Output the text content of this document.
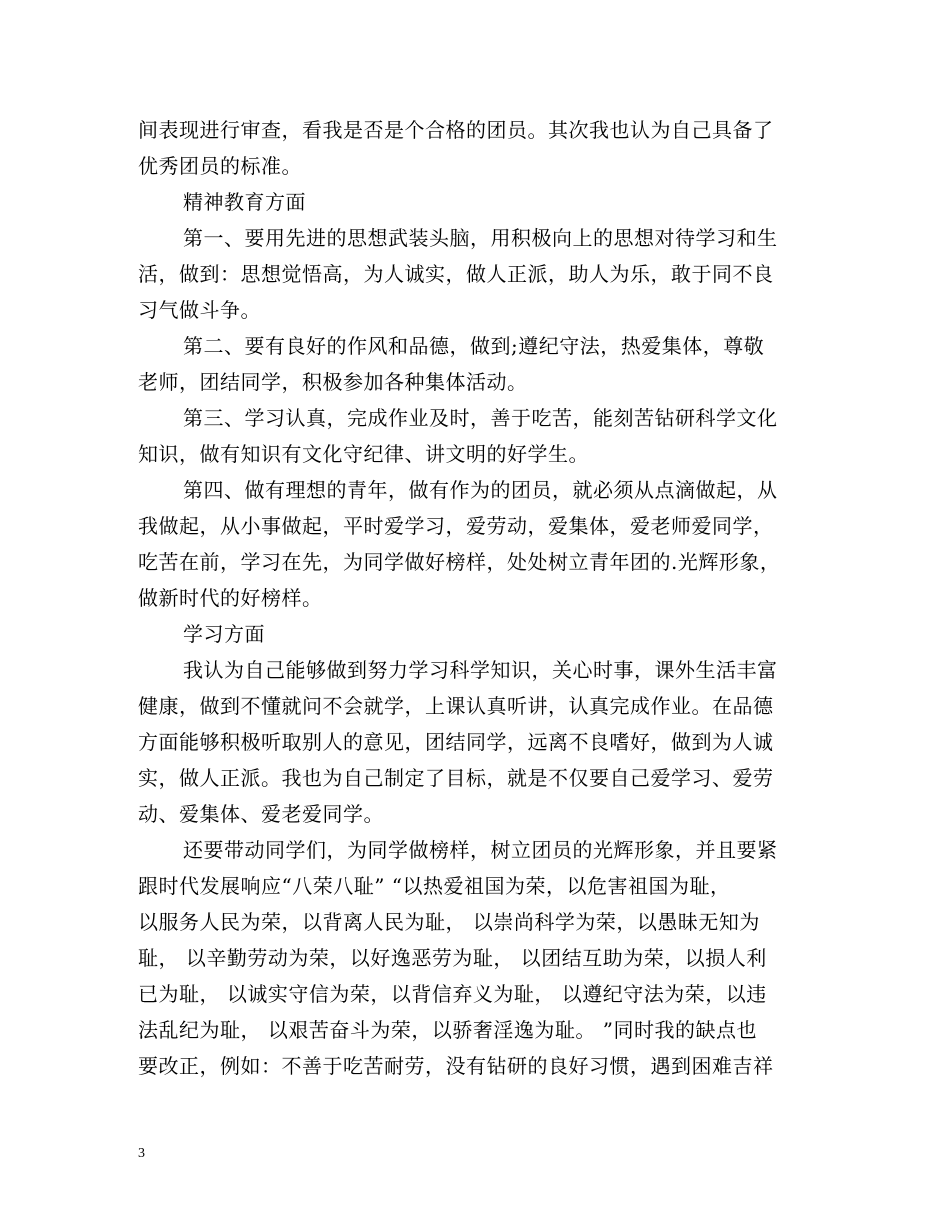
间表现进行审查，看我是否是个合格的团员。其次我也认为自己具备了
优秀团员的标准。
精神教育方面
第一、要用先进的思想武装头脑，用积极向上的思想对待学习和生
活，做到：思想觉悟高，为人诚实，做人正派，助人为乐，敢于同不良
习气做斗争。
第二、要有良好的作风和品德，做到;遵纪守法，热爱集体，尊敬
老师，团结同学，积极参加各种集体活动。
第三、学习认真，完成作业及时，善于吃苦，能刻苦钻研科学文化
知识，做有知识有文化守纪律、讲文明的好学生。
第四、做有理想的青年，做有作为的团员，就必须从点滴做起，从
我做起，从小事做起，平时爱学习，爱劳动，爱集体，爱老师爱同学，
吃苦在前，学习在先，为同学做好榜样，处处树立青年团的.光辉形象，
做新时代的好榜样。
学习方面
我认为自己能够做到努力学习科学知识，关心时事，课外生活丰富
健康，做到不懂就问不会就学，上课认真听讲，认真完成作业。在品德
方面能够积极听取别人的意见，团结同学，远离不良嗜好，做到为人诚
实，做人正派。我也为自己制定了目标，就是不仅要自己爱学习、爱劳
动、爱集体、爱老爱同学。
还要带动同学们，为同学做榜样，树立团员的光辉形象，并且要紧
跟时代发展响应“八荣八耻” “以热爱祖国为荣，以危害祖国为耻，
以服务人民为荣，以背离人民为耻， 以崇尚科学为荣，以愚昧无知为
耻， 以辛勤劳动为荣，以好逸恶劳为耻， 以团结互助为荣，以损人利
已为耻， 以诚实守信为荣，以背信弃义为耻， 以遵纪守法为荣，以违
法乱纪为耻， 以艰苦奋斗为荣，以骄奢淫逸为耻。 ”同时我的缺点也
要改正，例如：不善于吃苦耐劳，没有钻研的良好习惯，遇到困难吉祥
3
